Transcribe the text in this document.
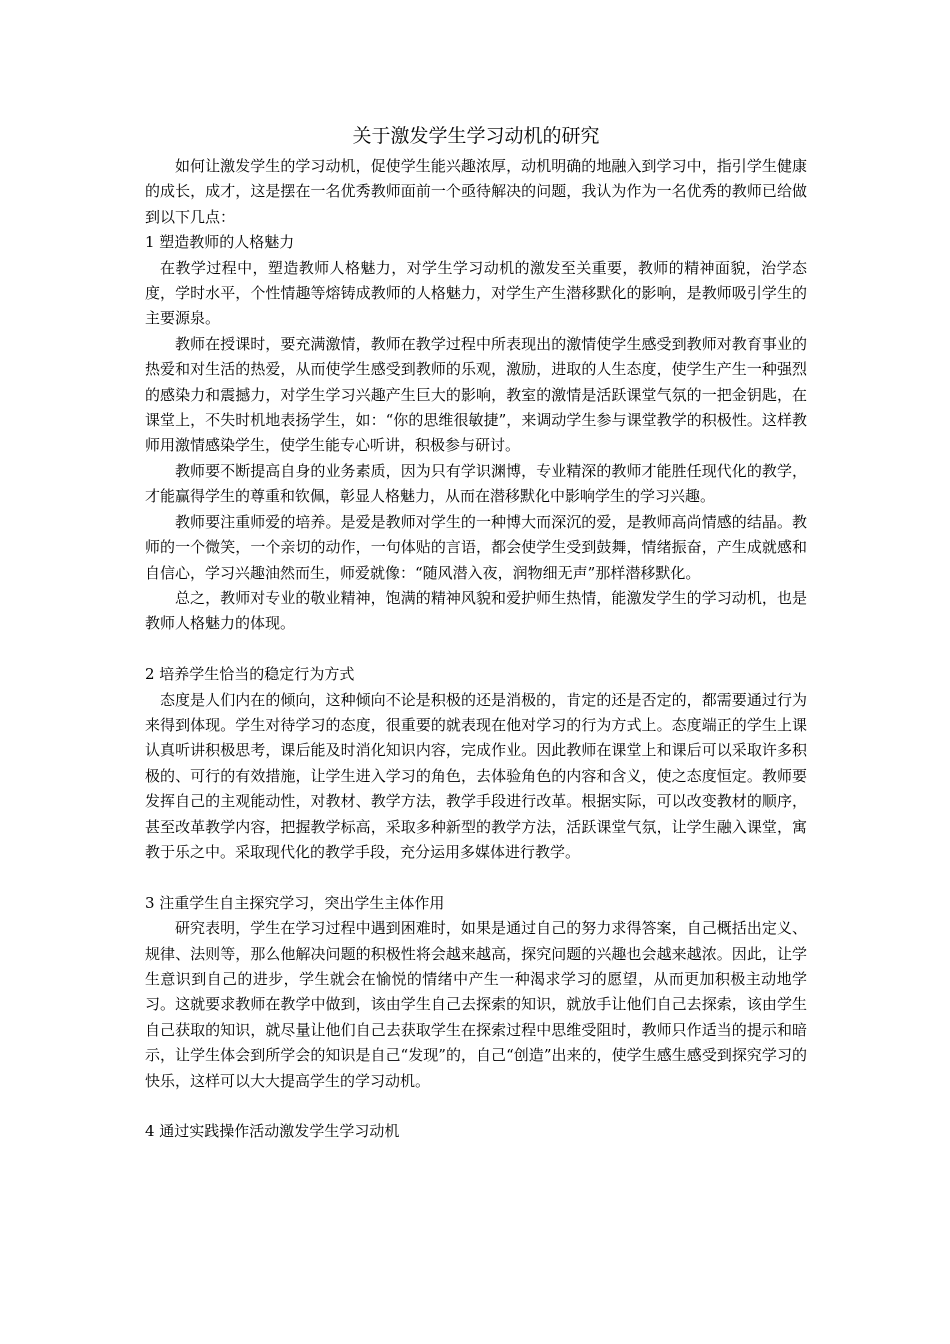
关于激发学生学习动机的研究

如何让激发学生的学习动机，促使学生能兴趣浓厚，动机明确的地融入到学习中，指引学生健康的成长，成才，这是摆在一名优秀教师面前一个亟待解决的问题，我认为作为一名优秀的教师已给做到以下几点：

1 塑造教师的人格魅力

在教学过程中，塑造教师人格魅力，对学生学习动机的激发至关重要，教师的精神面貌，治学态度，学时水平，个性情趣等熔铸成教师的人格魅力，对学生产生潜移默化的影响，是教师吸引学生的主要源泉。

教师在授课时，要充满激情，教师在教学过程中所表现出的激情使学生感受到教师对教育事业的热爱和对生活的热爱，从而使学生感受到教师的乐观，激励，进取的人生态度，使学生产生一种强烈的感染力和震撼力，对学生学习兴趣产生巨大的影响，教室的激情是活跃课堂气氛的一把金钥匙，在课堂上，不失时机地表扬学生，如：“你的思维很敏捷”，来调动学生参与课堂教学的积极性。这样教师用激情感染学生，使学生能专心听讲，积极参与研讨。

教师要不断提高自身的业务素质，因为只有学识渊博，专业精深的教师才能胜任现代化的教学，才能赢得学生的尊重和钦佩，彰显人格魅力，从而在潜移默化中影响学生的学习兴趣。

教师要注重师爱的培养。是爱是教师对学生的一种博大而深沉的爱，是教师高尚情感的结晶。教师的一个微笑，一个亲切的动作，一句体贴的言语，都会使学生受到鼓舞，情绪振奋，产生成就感和自信心，学习兴趣油然而生，师爱就像：“随风潜入夜，润物细无声”那样潜移默化。

总之，教师对专业的敬业精神，饱满的精神风貌和爱护师生热情，能激发学生的学习动机，也是教师人格魅力的体现。

2 培养学生恰当的稳定行为方式

态度是人们内在的倾向，这种倾向不论是积极的还是消极的，肯定的还是否定的，都需要通过行为来得到体现。学生对待学习的态度，很重要的就表现在他对学习的行为方式上。态度端正的学生上课认真听讲积极思考，课后能及时消化知识内容，完成作业。因此教师在课堂上和课后可以采取许多积极的、可行的有效措施，让学生进入学习的角色，去体验角色的内容和含义，使之态度恒定。教师要发挥自己的主观能动性，对教材、教学方法，教学手段进行改革。根据实际，可以改变教材的顺序，甚至改革教学内容，把握教学标高，采取多种新型的教学方法，活跃课堂气氛，让学生融入课堂，寓教于乐之中。采取现代化的教学手段，充分运用多媒体进行教学。

3 注重学生自主探究学习，突出学生主体作用

研究表明，学生在学习过程中遇到困难时，如果是通过自己的努力求得答案，自己概括出定义、规律、法则等，那么他解决问题的积极性将会越来越高，探究问题的兴趣也会越来越浓。因此，让学生意识到自己的进步，学生就会在愉悦的情绪中产生一种渴求学习的愿望，从而更加积极主动地学习。这就要求教师在教学中做到，该由学生自己去探索的知识，就放手让他们自己去探索，该由学生自己获取的知识，就尽量让他们自己去获取学生在探索过程中思维受阻时，教师只作适当的提示和暗示，让学生体会到所学会的知识是自己“发现”的，自己“创造”出来的，使学生感生感受到探究学习的快乐，这样可以大大提高学生的学习动机。

4 通过实践操作活动激发学生学习动机
